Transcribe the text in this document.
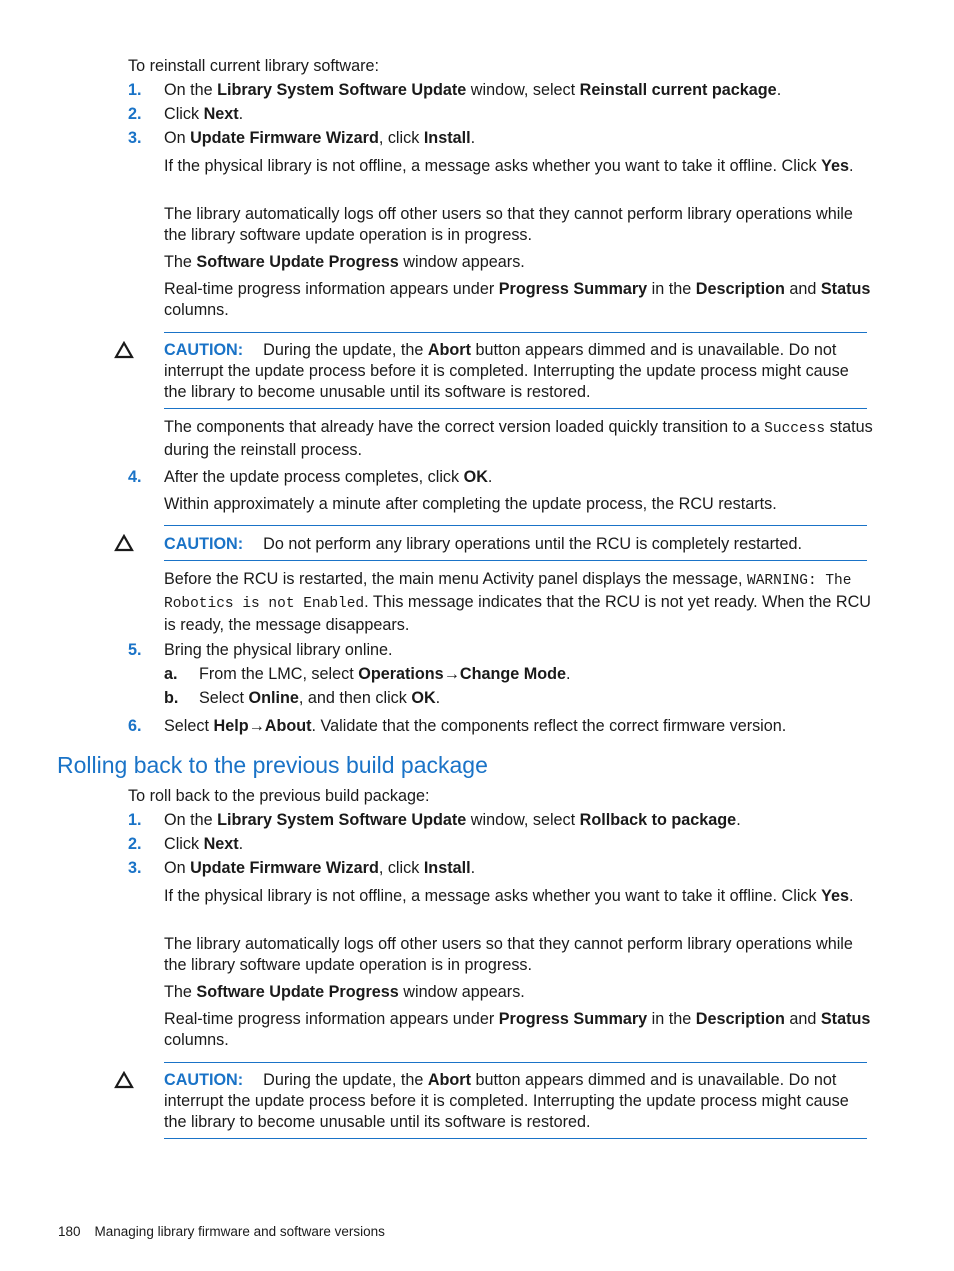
To reinstall current library software:
1. On the Library System Software Update window, select Reinstall current package.
2. Click Next.
3. On Update Firmware Wizard, click Install.
If the physical library is not offline, a message asks whether you want to take it offline. Click Yes.
The library automatically logs off other users so that they cannot perform library operations while the library software update operation is in progress.
The Software Update Progress window appears.
Real-time progress information appears under Progress Summary in the Description and Status columns.
CAUTION: During the update, the Abort button appears dimmed and is unavailable. Do not interrupt the update process before it is completed. Interrupting the update process might cause the library to become unusable until its software is restored.
The components that already have the correct version loaded quickly transition to a Success status during the reinstall process.
4. After the update process completes, click OK.
Within approximately a minute after completing the update process, the RCU restarts.
CAUTION: Do not perform any library operations until the RCU is completely restarted.
Before the RCU is restarted, the main menu Activity panel displays the message, WARNING: The Robotics is not Enabled. This message indicates that the RCU is not yet ready. When the RCU is ready, the message disappears.
5. Bring the physical library online.
a. From the LMC, select Operations→Change Mode.
b. Select Online, and then click OK.
6. Select Help→About. Validate that the components reflect the correct firmware version.
Rolling back to the previous build package
To roll back to the previous build package:
1. On the Library System Software Update window, select Rollback to package.
2. Click Next.
3. On Update Firmware Wizard, click Install.
If the physical library is not offline, a message asks whether you want to take it offline. Click Yes.
The library automatically logs off other users so that they cannot perform library operations while the library software update operation is in progress.
The Software Update Progress window appears.
Real-time progress information appears under Progress Summary in the Description and Status columns.
CAUTION: During the update, the Abort button appears dimmed and is unavailable. Do not interrupt the update process before it is completed. Interrupting the update process might cause the library to become unusable until its software is restored.
180 Managing library firmware and software versions
